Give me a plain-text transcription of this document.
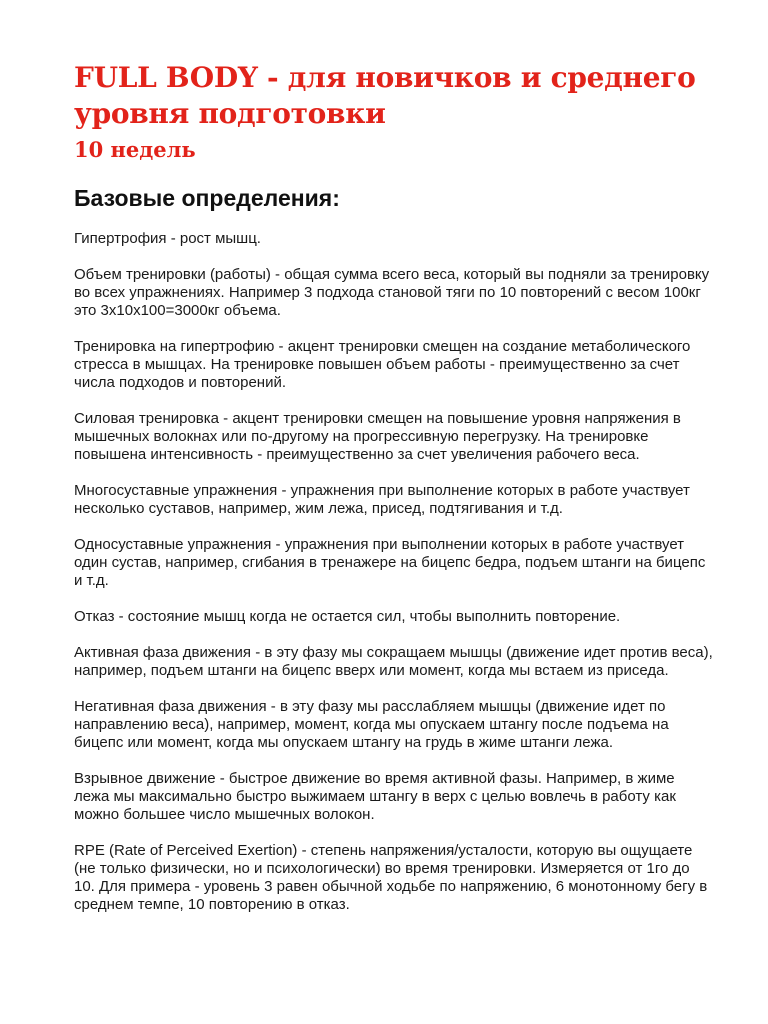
FULL BODY - для новичков и среднего уровня подготовки
10 недель
Базовые определения:

Гипертрофия - рост мышц.

Объем тренировки (работы) - общая сумма всего веса, который вы подняли за тренировку во всех упражнениях. Например 3 подхода становой тяги по 10 повторений с весом 100кг это 3х10х100=3000кг объема.

Тренировка на гипертрофию - акцент тренировки смещен на создание метаболического стресса в мышцах. На тренировке повышен объем работы - преимущественно за счет числа подходов и повторений.

Силовая тренировка - акцент тренировки смещен на повышение уровня напряжения в мышечных волокнах или по-другому на прогрессивную перегрузку. На тренировке повышена интенсивность - преимущественно за счет увеличения рабочего веса.

Многосуставные упражнения - упражнения при выполнение которых в работе участвует несколько суставов, например, жим лежа, присед, подтягивания и т.д.

Односуставные упражнения - упражнения при выполнении которых в работе участвует один сустав, например, сгибания в тренажере на бицепс бедра, подъем штанги на бицепс и т.д.

Отказ - состояние мышц когда не остается сил, чтобы выполнить повторение.

Активная фаза движения - в эту фазу мы сокращаем мышцы (движение идет против веса), например, подъем штанги на бицепс вверх или момент, когда мы встаем из приседа.

Негативная фаза движения - в эту фазу мы расслабляем мышцы (движение идет по направлению веса), например, момент, когда мы опускаем штангу после подъема на бицепс или момент, когда мы опускаем штангу на грудь в жиме штанги лежа.

Взрывное движение - быстрое движение во время активной фазы. Например, в жиме лежа мы максимально быстро выжимаем штангу в верх с целью вовлечь в работу как можно большее число мышечных волокон.

RPE (Rate of Perceived Exertion) - степень напряжения/усталости, которую вы ощущаете (не только физически, но и психологически) во время тренировки. Измеряется от 1го до 10. Для примера - уровень 3 равен обычной ходьбе по напряжению, 6 монотонному бегу в среднем темпе, 10 повторению в отказ.
